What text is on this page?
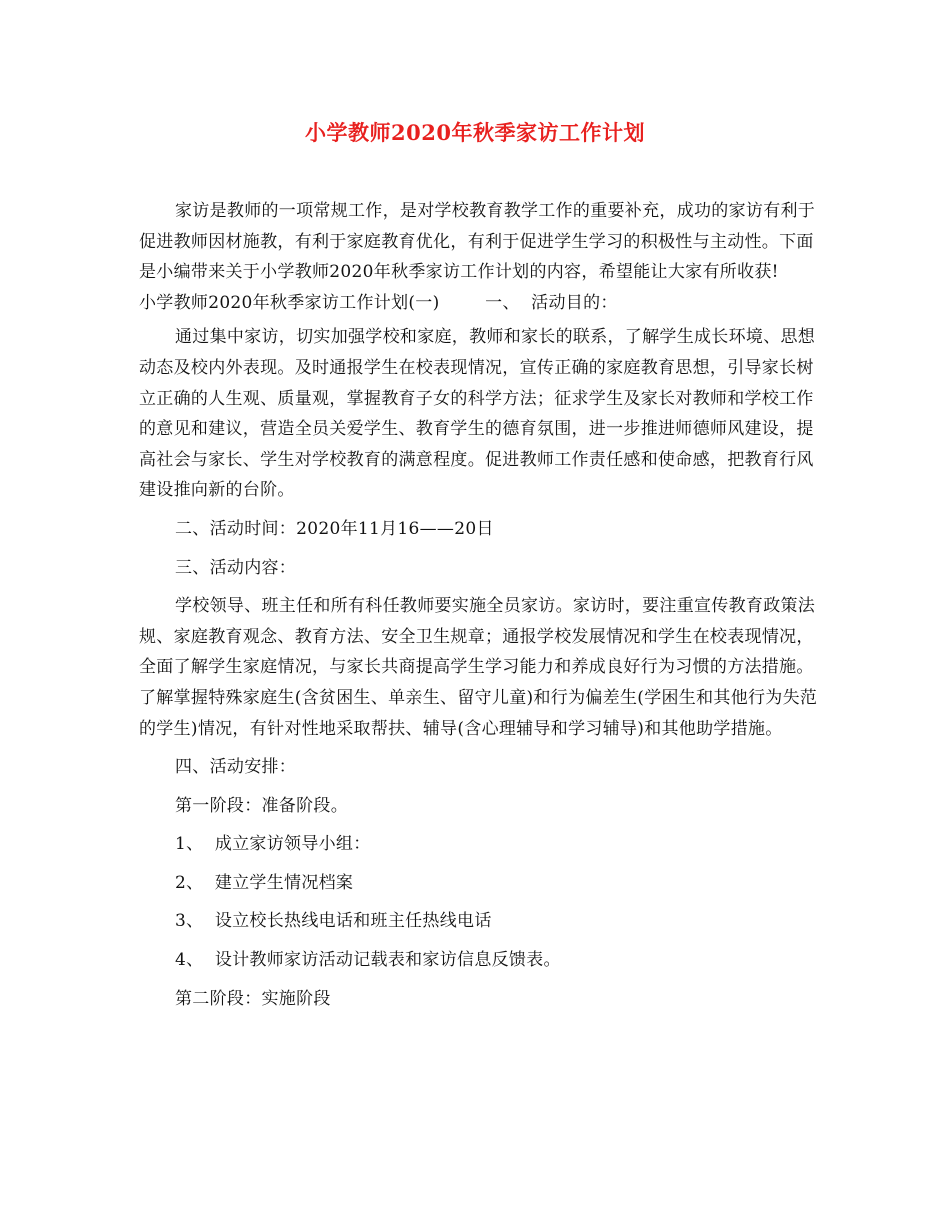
小学教师2020年秋季家访工作计划

家访是教师的一项常规工作，是对学校教育教学工作的重要补充，成功的家访有利于促进教师因材施教，有利于家庭教育优化，有利于促进学生学习的积极性与主动性。下面是小编带来关于小学教师2020年秋季家访工作计划的内容，希望能让大家有所收获!

小学教师2020年秋季家访工作计划(一)	一、  活动目的：

通过集中家访，切实加强学校和家庭，教师和家长的联系，了解学生成长环境、思想动态及校内外表现。及时通报学生在校表现情况，宣传正确的家庭教育思想，引导家长树立正确的人生观、质量观，掌握教育子女的科学方法；征求学生及家长对教师和学校工作的意见和建议，营造全员关爱学生、教育学生的德育氛围，进一步推进师德师风建设，提高社会与家长、学生对学校教育的满意程度。促进教师工作责任感和使命感，把教育行风建设推向新的台阶。

二、活动时间：2020年11月16——20日

三、活动内容：

学校领导、班主任和所有科任教师要实施全员家访。家访时，要注重宣传教育政策法规、家庭教育观念、教育方法、安全卫生规章；通报学校发展情况和学生在校表现情况，全面了解学生家庭情况，与家长共商提高学生学习能力和养成良好行为习惯的方法措施。了解掌握特殊家庭生(含贫困生、单亲生、留守儿童)和行为偏差生(学困生和其他行为失范的学生)情况，有针对性地采取帮扶、辅导(含心理辅导和学习辅导)和其他助学措施。

四、活动安排：

第一阶段：准备阶段。

1、  成立家访领导小组：

2、  建立学生情况档案

3、  设立校长热线电话和班主任热线电话

4、  设计教师家访活动记载表和家访信息反馈表。

第二阶段：实施阶段
